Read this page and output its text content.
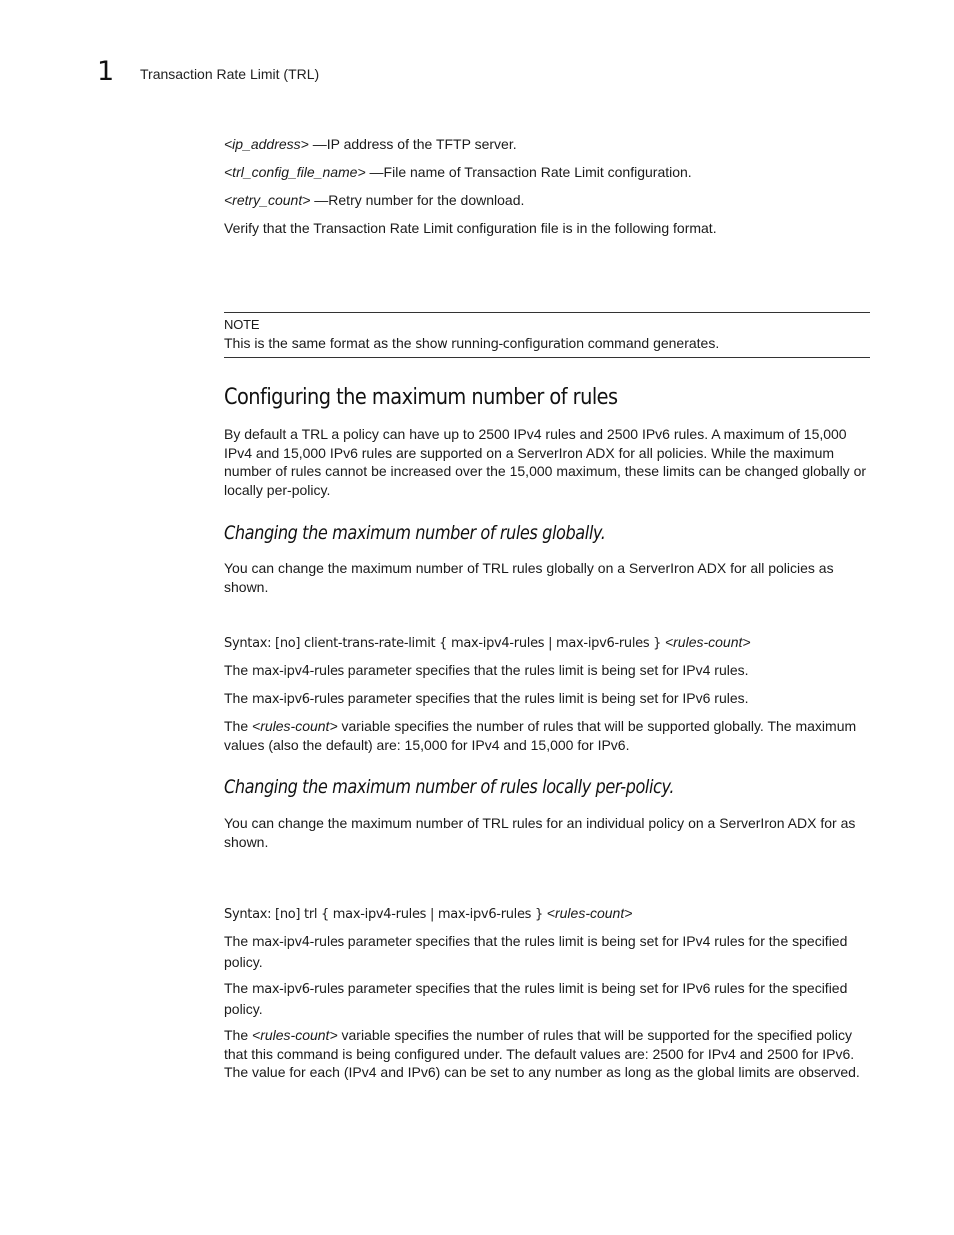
1 Transaction Rate Limit (TRL)

<ip_address> —IP address of the TFTP server.

<trl_config_file_name> —File name of Transaction Rate Limit configuration.

<retry_count> —Retry number for the download.

Verify that the Transaction Rate Limit configuration file is in the following format.

NOTE
This is the same format as the show running-configuration command generates.
Configuring the maximum number of rules

By default a TRL a policy can have up to 2500 IPv4 rules and 2500 IPv6 rules. A maximum of 15,000 IPv4 and 15,000 IPv6 rules are supported on a ServerIron ADX for all policies. While the maximum number of rules cannot be increased over the 15,000 maximum, these limits can be changed globally or locally per-policy.

Changing the maximum number of rules globally.

You can change the maximum number of TRL rules globally on a ServerIron ADX for all policies as shown.

The max-ipv4-rules parameter specifies that the rules limit is being set for IPv4 rules.

The max-ipv6-rules parameter specifies that the rules limit is being set for IPv6 rules.

The <rules-count> variable specifies the number of rules that will be supported globally. The maximum values (also the default) are: 15,000 for IPv4 and 15,000 for IPv6.

Syntax: [no] client-trans-rate-limit { max-ipv4-rules | max-ipv6-rules } <rules-count>
Changing the maximum number of rules locally per-policy.

You can change the maximum number of TRL rules for an individual policy on a ServerIron ADX for as shown.

The max-ipv4-rules parameter specifies that the rules limit is being set for IPv4 rules for the specified policy.

The max-ipv6-rules parameter specifies that the rules limit is being set for IPv6 rules for the specified policy.

The <rules-count> variable specifies the number of rules that will be supported for the specified policy that this command is being configured under. The default values are: 2500 for IPv4 and 2500 for IPv6. The value for each (IPv4 and IPv6) can be set to any number as long as the global limits are observed.

Syntax: [no] trl { max-ipv4-rules | max-ipv6-rules } <rules-count>
